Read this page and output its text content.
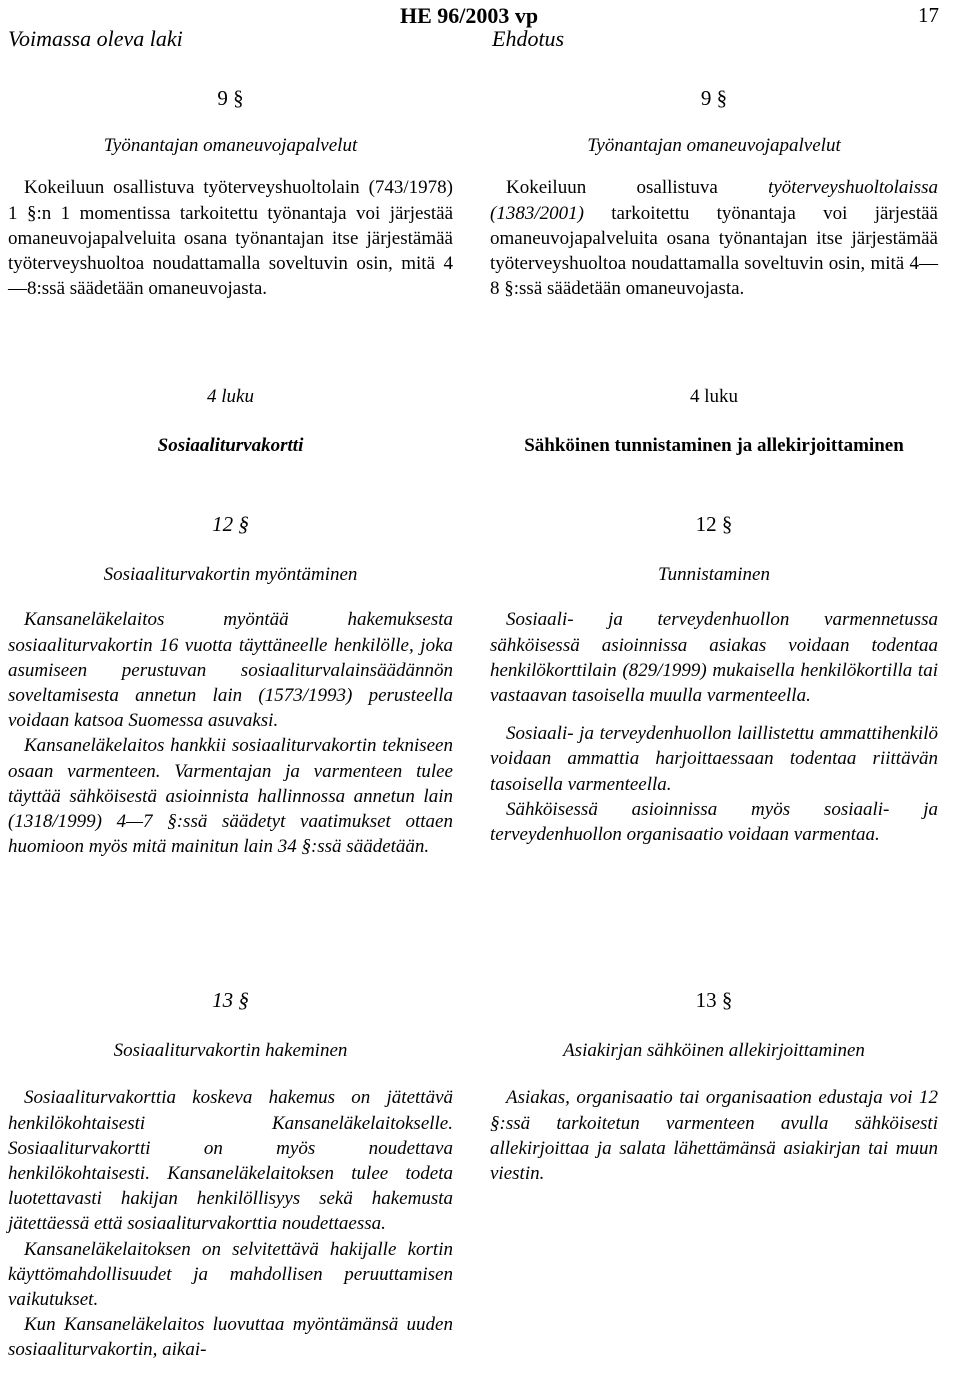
Voimassa oleva laki
HE 96/2003 vp
Ehdotus
17
9 §
Työnantajan omaneuvojapalvelut

Kokeiluun osallistuva työterveyshuoltolain (743/1978) 1 §:n 1 momentissa tarkoitettu työnantaja voi järjestää omaneuvojapalveluita osana työnantajan itse järjestämää työterveyshuoltoa noudattamalla soveltuvin osin, mitä 4—8:ssä säädetään omaneuvojasta.

4 luku
Sosiaaliturvakortti
12 §
Sosiaaliturvakortin myöntäminen

Kansaneläkelaitos myöntää hakemuksesta sosiaaliturvakortin 16 vuotta täyttäneelle henkilölle, joka asumiseen perustuvan sosiaaliturvalainsäädännön soveltamisesta annetun lain (1573/1993) perusteella voidaan katsoa Suomessa asuvaksi.

Kansaneläkelaitos hankkii sosiaaliturvakortin tekniseen osaan varmenteen. Varmentajan ja varmenteen tulee täyttää sähköisestä asioinnista hallinnossa annetun lain (1318/1999) 4—7 §:ssä säädetyt vaatimukset ottaen huomioon myös mitä mainitun lain 34 §:ssä säädetään.

13 §
Sosiaaliturvakortin hakeminen

Sosiaaliturvakorttia koskeva hakemus on jätettävä henkilökohtaisesti Kansaneläkelaitokselle. Sosiaaliturvakortti on myös noudettava henkilökohtaisesti. Kansaneläkelaitoksen tulee todeta luotettavasti hakijan henkilöllisyys sekä hakemusta jätettäessä että sosiaaliturvakorttia noudettaessa.

Kansaneläkelaitoksen on selvitettävä hakijalle kortin käyttömahdollisuudet ja mahdollisen peruuttamisen vaikutukset.

Kun Kansaneläkelaitos luovuttaa myöntämänsä uuden sosiaaliturvakortin, aikai-

9 §
Työnantajan omaneuvojapalvelut

Kokeiluun osallistuva työterveyshuoltolaissa (1383/2001) tarkoitettu työnantaja voi järjestää omaneuvojapalveluita osana työnantajan itse järjestämää työterveyshuoltoa noudattamalla soveltuvin osin, mitä 4—8 §:ssä säädetään omaneuvojasta.

4 luku
Sähköinen tunnistaminen ja allekirjoittaminen
12 §
Tunnistaminen

Sosiaali- ja terveydenhuollon varmennetussa sähköisessä asioinnissa asiakas voidaan todentaa henkilökorttilain (829/1999) mukaisella henkilökortilla tai vastaavan tasoisella muulla varmenteella.

Sosiaali- ja terveydenhuollon laillistettu ammattihenkilö voidaan ammattia harjoittaessaan todentaa riittävän tasoisella varmenteella.

Sähköisessä asioinnissa myös sosiaali- ja terveydenhuollon organisaatio voidaan varmentaa.

13 §
Asiakirjan sähköinen allekirjoittaminen

Asiakas, organisaatio tai organisaation edustaja voi 12 §:ssä tarkoitetun varmenteen avulla sähköisesti allekirjoittaa ja salata lähettämänsä asiakirjan tai muun viestin.
